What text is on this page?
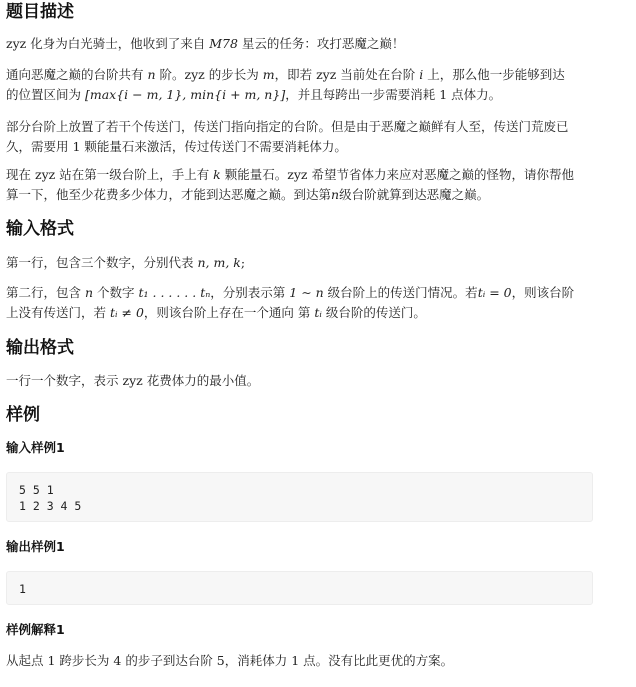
题目描述

zyz 化身为白光骑士，他收到了来自 M78 星云的任务：攻打恶魔之巅！

通向恶魔之巅的台阶共有 n 阶。zyz 的步长为 m，即若 zyz 当前处在台阶 i 上，那么他一步能够到达
的位置区间为 [max{i − m, 1}, min{i + m, n}]，并且每跨出一步需要消耗 1 点体力。

部分台阶上放置了若干个传送门，传送门指向指定的台阶。但是由于恶魔之巅鲜有人至，传送门荒废已
久，需要用 1 颗能量石来激活，传过传送门不需要消耗体力。

现在 zyz 站在第一级台阶上，手上有 k 颗能量石。zyz 希望节省体力来应对恶魔之巅的怪物，请你帮他
算一下，他至少花费多少体力，才能到达恶魔之巅。到达第n级台阶就算到达恶魔之巅。

输入格式

第一行，包含三个数字，分别代表 n, m, k;

第二行，包含 n 个数字 t₁ . . . . . . tₙ，分别表示第 1 ∼ n 级台阶上的传送门情况。若tᵢ = 0，则该台阶
上没有传送门，若 tᵢ ≠ 0，则该台阶上存在一个通向 第 tᵢ 级台阶的传送门。

输出格式

一行一个数字，表示 zyz 花费体力的最小值。

样例
输入样例1
5 5 1
1 2 3 4 5
输出样例1
1
样例解释1

从起点 1 跨步长为 4 的步子到达台阶 5，消耗体力 1 点。没有比此更优的方案。
